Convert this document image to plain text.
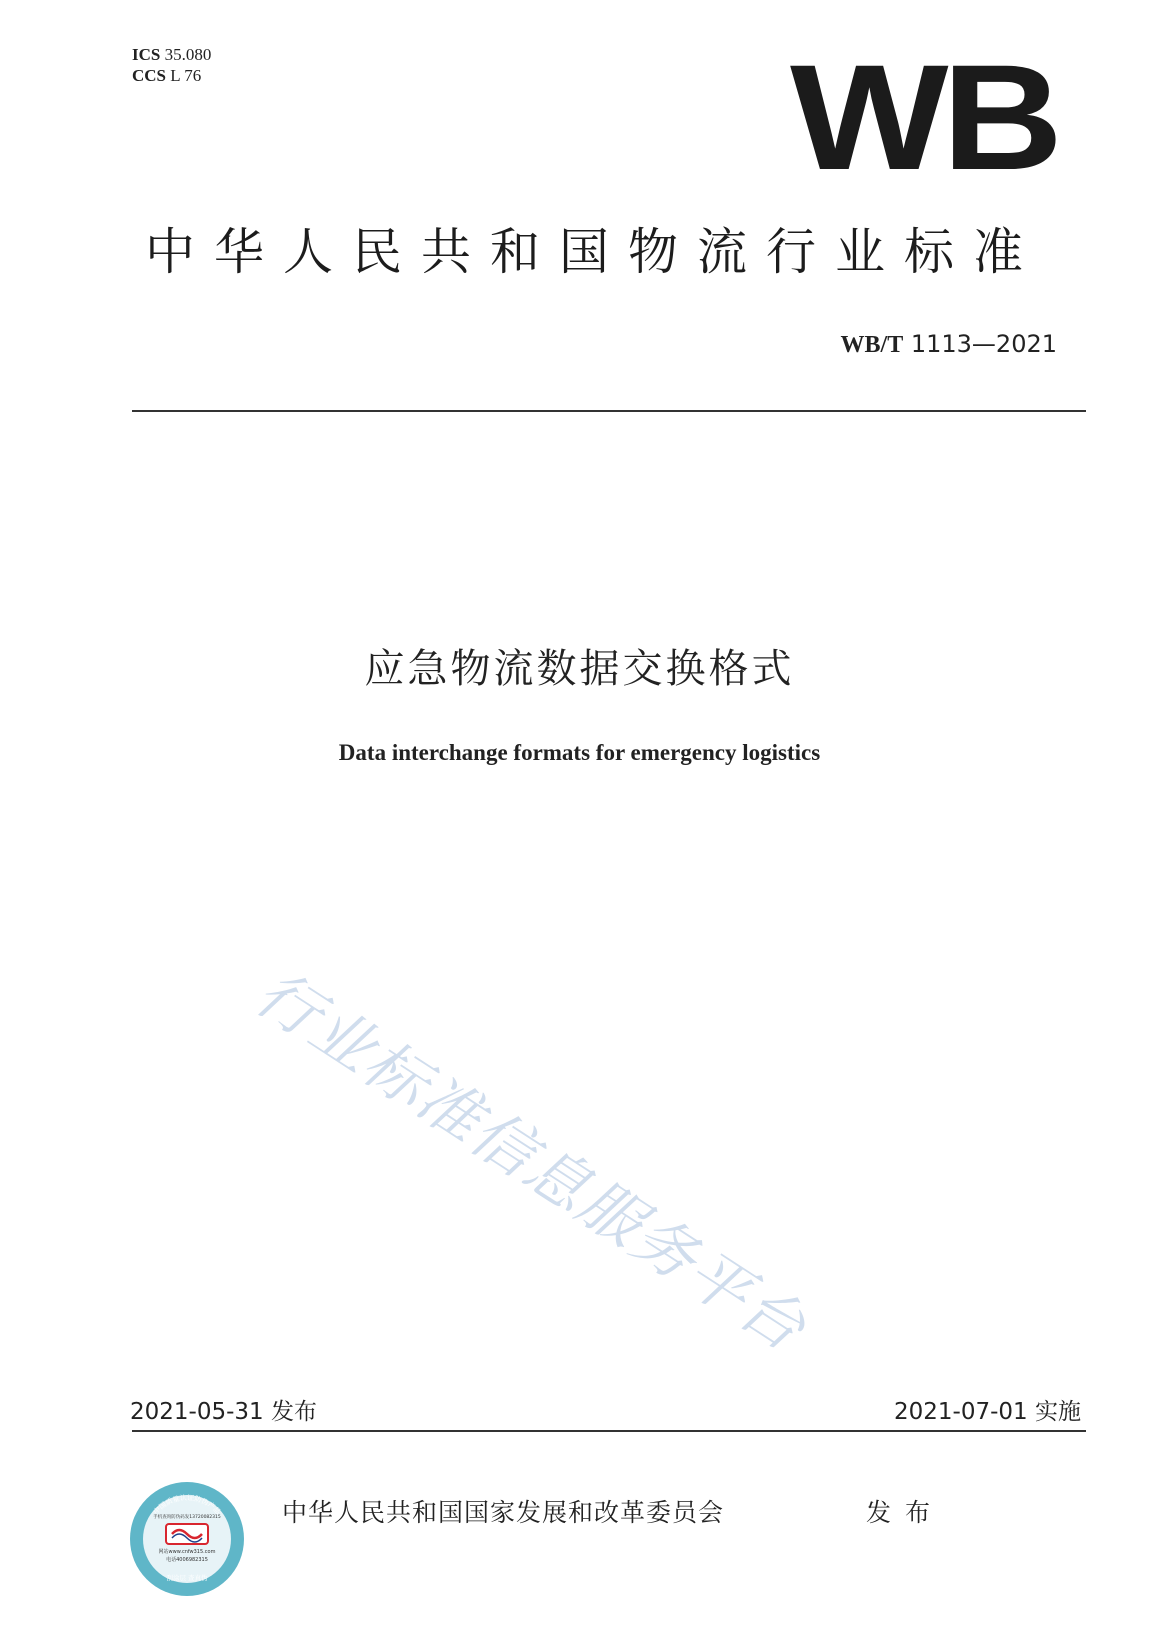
ICS 35.080
CCS L 76	WB
中华人民共和国物流行业标准
WB/T 1113—2021
应急物流数据交换格式
Data interchange formats for emergency logistics
行业标准信息服务平台
2021-05-31 发布	2021-07-01 实施
中国质量认证防伪产品
手机查询防伪码发13720082315
网站www.cnfw315.com
电话4006982315
刮涂层 查真伪
中华人民共和国国家发展和改革委员会	发布
